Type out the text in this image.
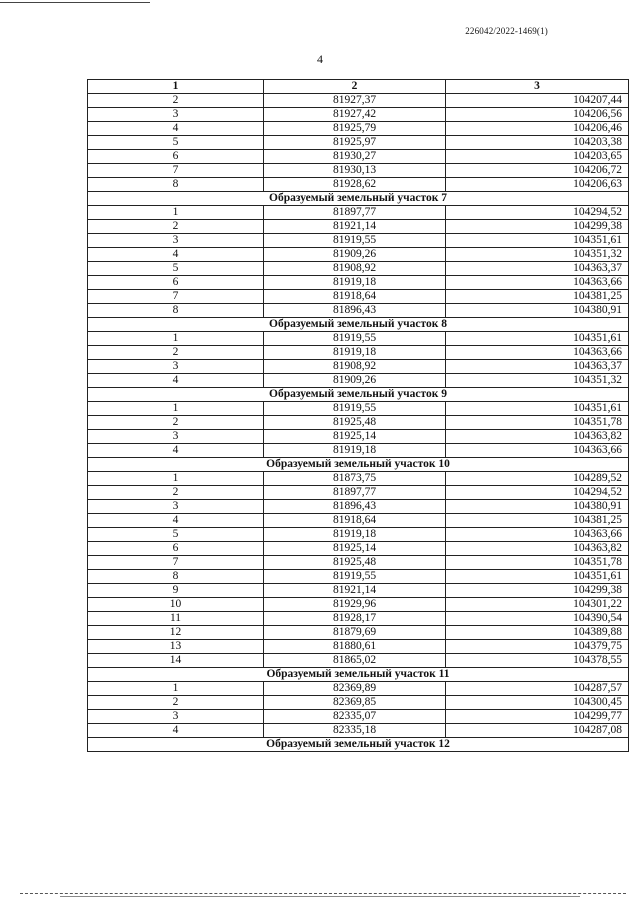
226042/2022-1469(1)
4
1	2	3
2	81927,37	104207,44
3	81927,42	104206,56
4	81925,79	104206,46
5	81925,97	104203,38
6	81930,27	104203,65
7	81930,13	104206,72
8	81928,62	104206,63
Образуемый земельный участок 7		
1	81897,77	104294,52
2	81921,14	104299,38
3	81919,55	104351,61
4	81909,26	104351,32
5	81908,92	104363,37
6	81919,18	104363,66
7	81918,64	104381,25
8	81896,43	104380,91
Образуемый земельный участок 8		
1	81919,55	104351,61
2	81919,18	104363,66
3	81908,92	104363,37
4	81909,26	104351,32
Образуемый земельный участок 9		
1	81919,55	104351,61
2	81925,48	104351,78
3	81925,14	104363,82
4	81919,18	104363,66
Образуемый земельный участок 10		
1	81873,75	104289,52
2	81897,77	104294,52
3	81896,43	104380,91
4	81918,64	104381,25
5	81919,18	104363,66
6	81925,14	104363,82
7	81925,48	104351,78
8	81919,55	104351,61
9	81921,14	104299,38
10	81929,96	104301,22
11	81928,17	104390,54
12	81879,69	104389,88
13	81880,61	104379,75
14	81865,02	104378,55
Образуемый земельный участок 11		
1	82369,89	104287,57
2	82369,85	104300,45
3	82335,07	104299,77
4	82335,18	104287,08
Образуемый земельный участок 12		
